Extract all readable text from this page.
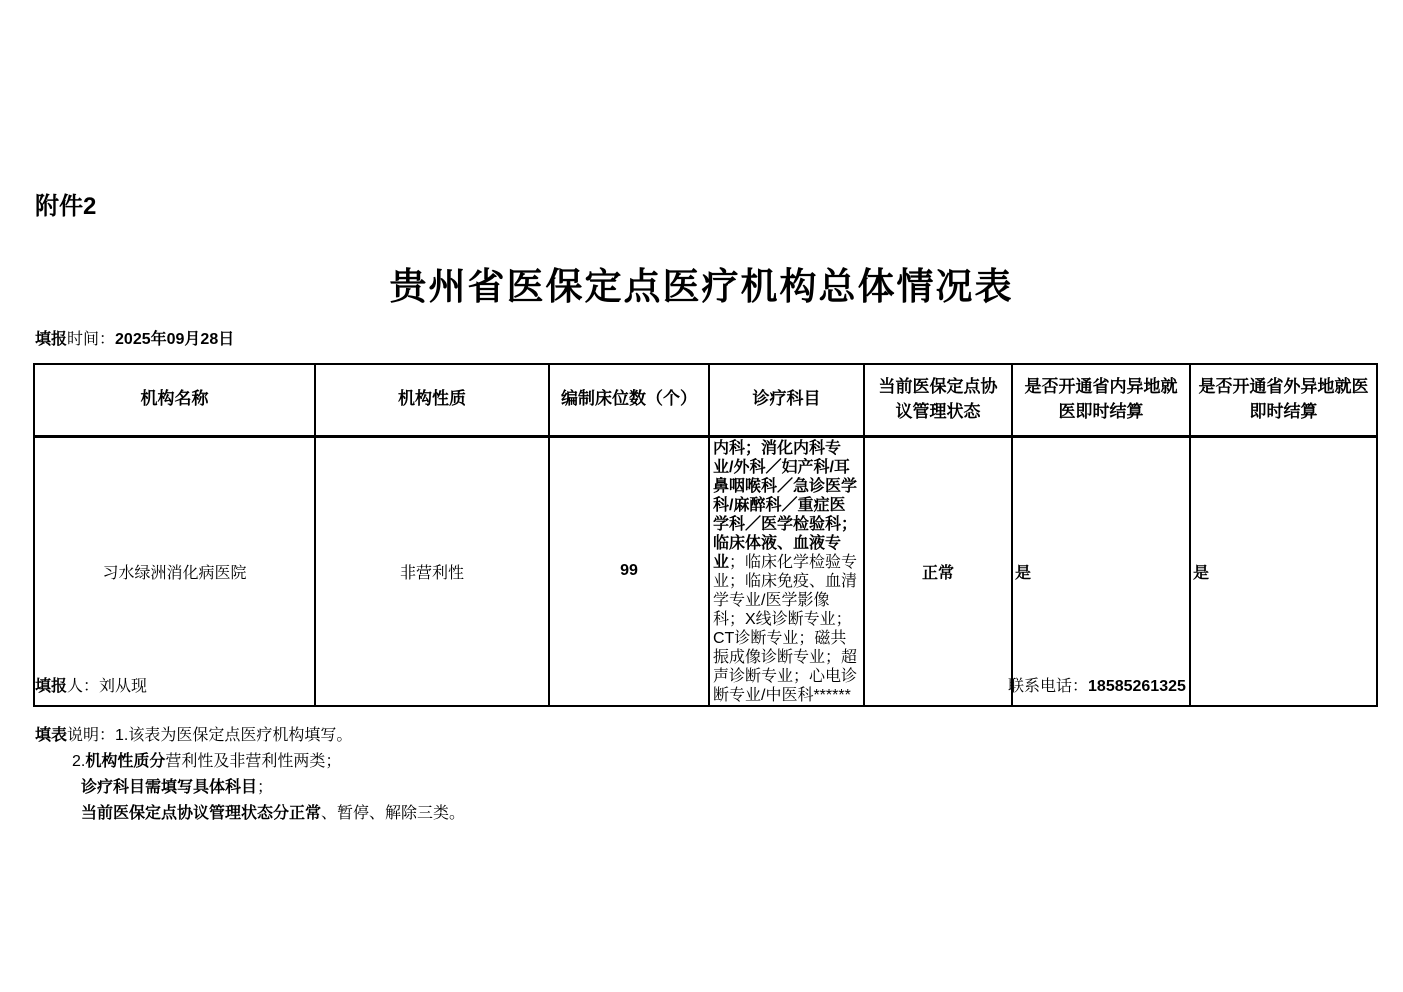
附件2
贵州省医保定点医疗机构总体情况表
填报时间：2025年09月28日
机构名称	机构性质	编制床位数（个）	诊疗科目	当前医保定点协议管理状态	是否开通省内异地就医即时结算	是否开通省外异地就医即时结算
习水绿洲消化病医院	非营利性	99	内科；消化内科专业/外科／妇产科/耳鼻咽喉科／急诊医学科/麻醉科／重症医学科／医学检验科；临床体液、血液专业；临床化学检验专业；临床免疫、血清学专业/医学影像科；X线诊断专业；CT诊断专业；磁共振成像诊断专业；超声诊断专业；心电诊断专业/中医科******	正常	是	是
填报人：刘从现	联系电话：18585261325
填表说明：1.该表为医保定点医疗机构填写。
2.机构性质分营利性及非营利性两类；
诊疗科目需填写具体科目；
当前医保定点协议管理状态分正常、暂停、解除三类。
